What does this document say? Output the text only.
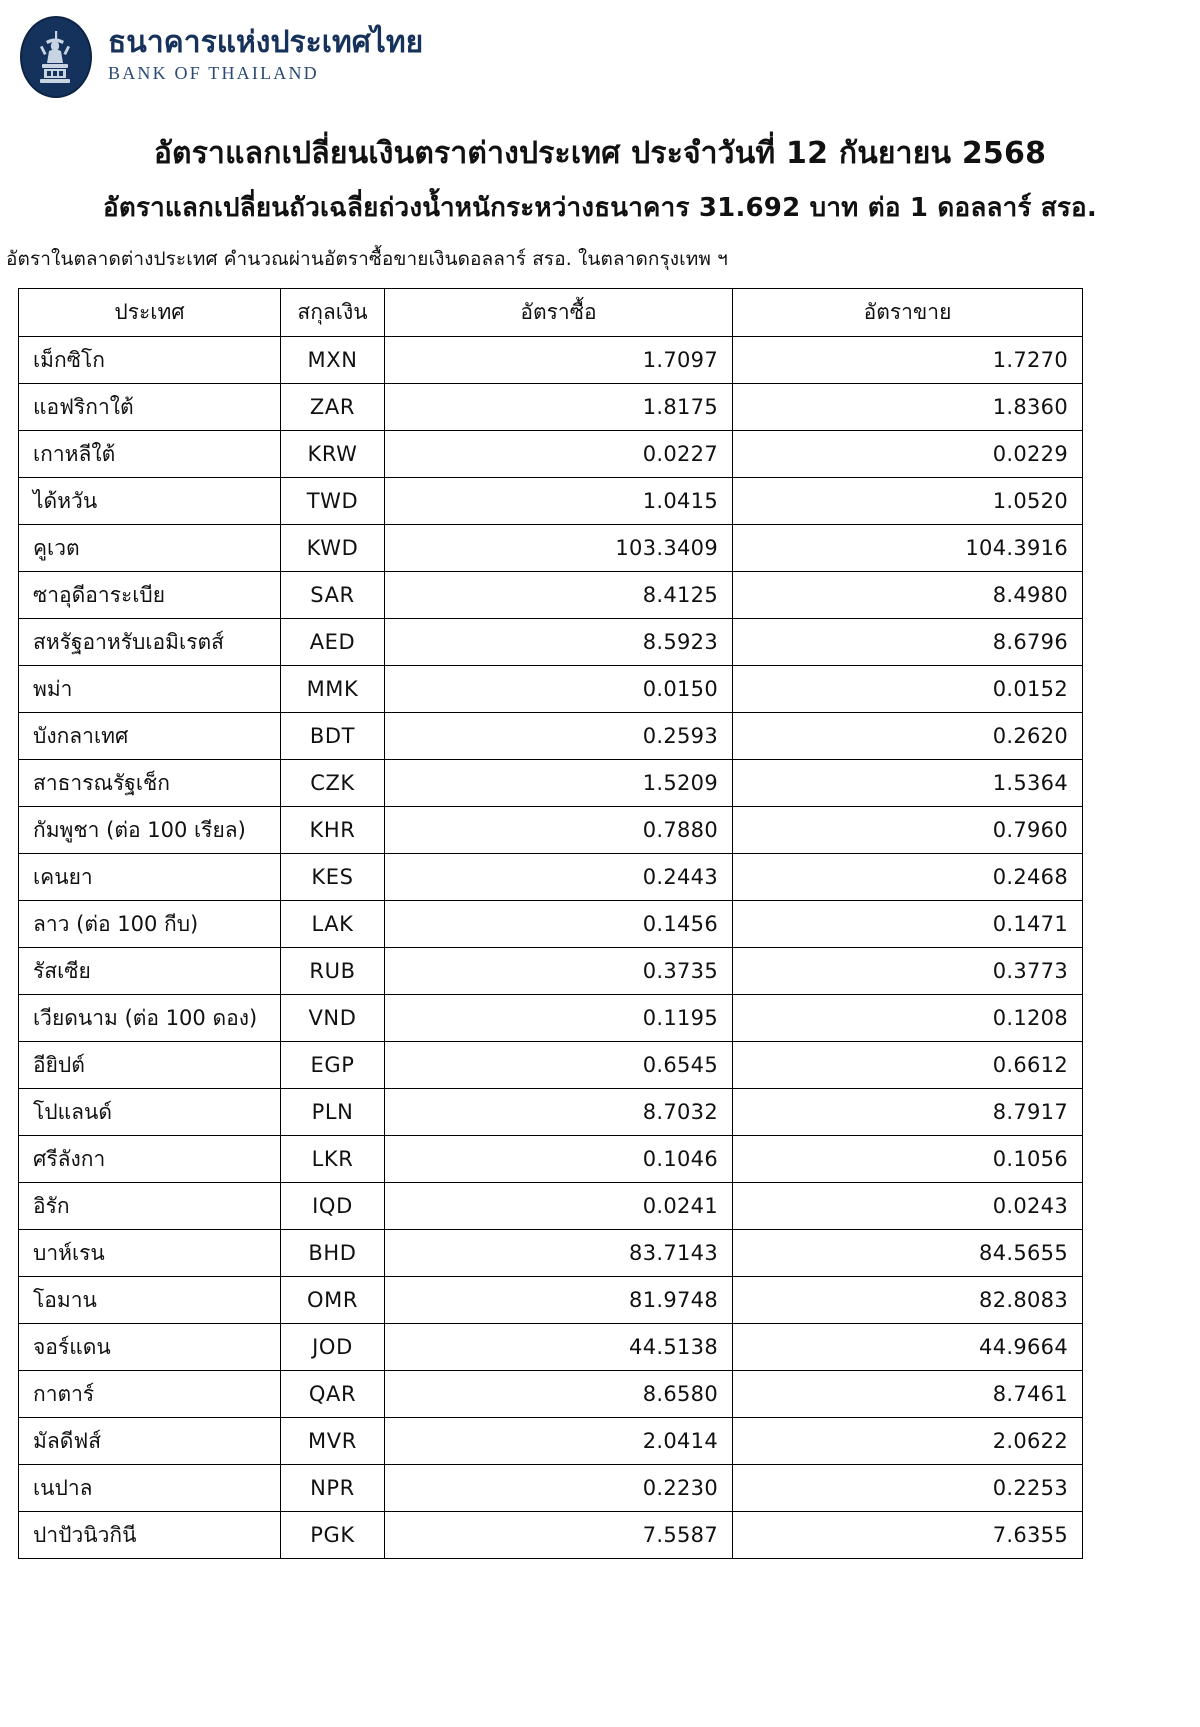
ธนาคารแห่งประเทศไทย
BANK OF THAILAND
อัตราแลกเปลี่ยนเงินตราต่างประเทศ ประจำวันที่ 12 กันยายน 2568
อัตราแลกเปลี่ยนถัวเฉลี่ยถ่วงน้ำหนักระหว่างธนาคาร 31.692 บาท ต่อ 1 ดอลลาร์ สรอ.
อัตราในตลาดต่างประเทศ คำนวณผ่านอัตราซื้อขายเงินดอลลาร์ สรอ. ในตลาดกรุงเทพ ฯ
ประเทศ	สกุลเงิน	อัตราซื้อ	อัตราขาย
เม็กซิโก	MXN	1.7097	1.7270
แอฟริกาใต้	ZAR	1.8175	1.8360
เกาหลีใต้	KRW	0.0227	0.0229
ได้หวัน	TWD	1.0415	1.0520
คูเวต	KWD	103.3409	104.3916
ซาอุดีอาระเบีย	SAR	8.4125	8.4980
สหรัฐอาหรับเอมิเรตส์	AED	8.5923	8.6796
พม่า	MMK	0.0150	0.0152
บังกลาเทศ	BDT	0.2593	0.2620
สาธารณรัฐเช็ก	CZK	1.5209	1.5364
กัมพูชา (ต่อ 100 เรียล)	KHR	0.7880	0.7960
เคนยา	KES	0.2443	0.2468
ลาว (ต่อ 100 กีบ)	LAK	0.1456	0.1471
รัสเซีย	RUB	0.3735	0.3773
เวียดนาม (ต่อ 100 ดอง)	VND	0.1195	0.1208
อียิปต์	EGP	0.6545	0.6612
โปแลนด์	PLN	8.7032	8.7917
ศรีลังกา	LKR	0.1046	0.1056
อิรัก	IQD	0.0241	0.0243
บาห์เรน	BHD	83.7143	84.5655
โอมาน	OMR	81.9748	82.8083
จอร์แดน	JOD	44.5138	44.9664
กาตาร์	QAR	8.6580	8.7461
มัลดีฟส์	MVR	2.0414	2.0622
เนปาล	NPR	0.2230	0.2253
ปาปัวนิวกินี	PGK	7.5587	7.6355
